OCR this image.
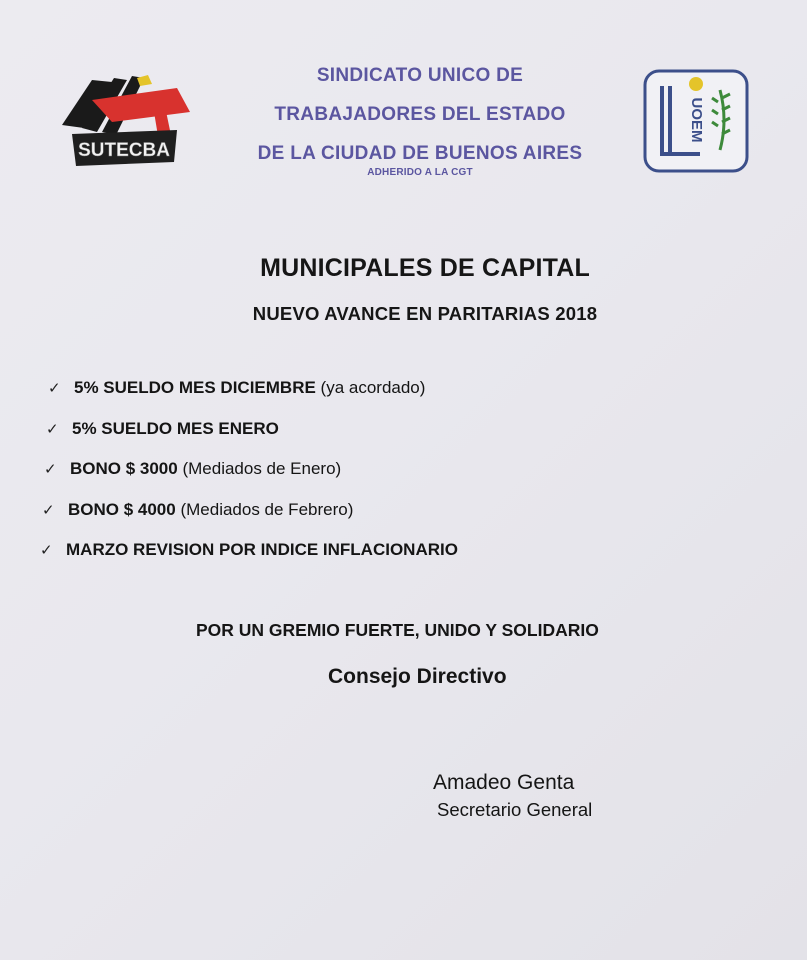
SUTECBA
SINDICATO UNICO DE
TRABAJADORES DEL ESTADO
DE LA CIUDAD DE BUENOS AIRES
ADHERIDO A LA CGT
UOEM
MUNICIPALES DE CAPITAL
NUEVO AVANCE EN PARITARIAS 2018
✓ 5% SUELDO MES DICIEMBRE (ya acordado)
✓ 5% SUELDO MES ENERO
✓ BONO $ 3000 (Mediados de Enero)
✓ BONO $ 4000 (Mediados de Febrero)
✓ MARZO REVISION POR INDICE INFLACIONARIO
POR UN GREMIO FUERTE, UNIDO Y SOLIDARIO
Consejo Directivo
Amadeo Genta
Secretario General
